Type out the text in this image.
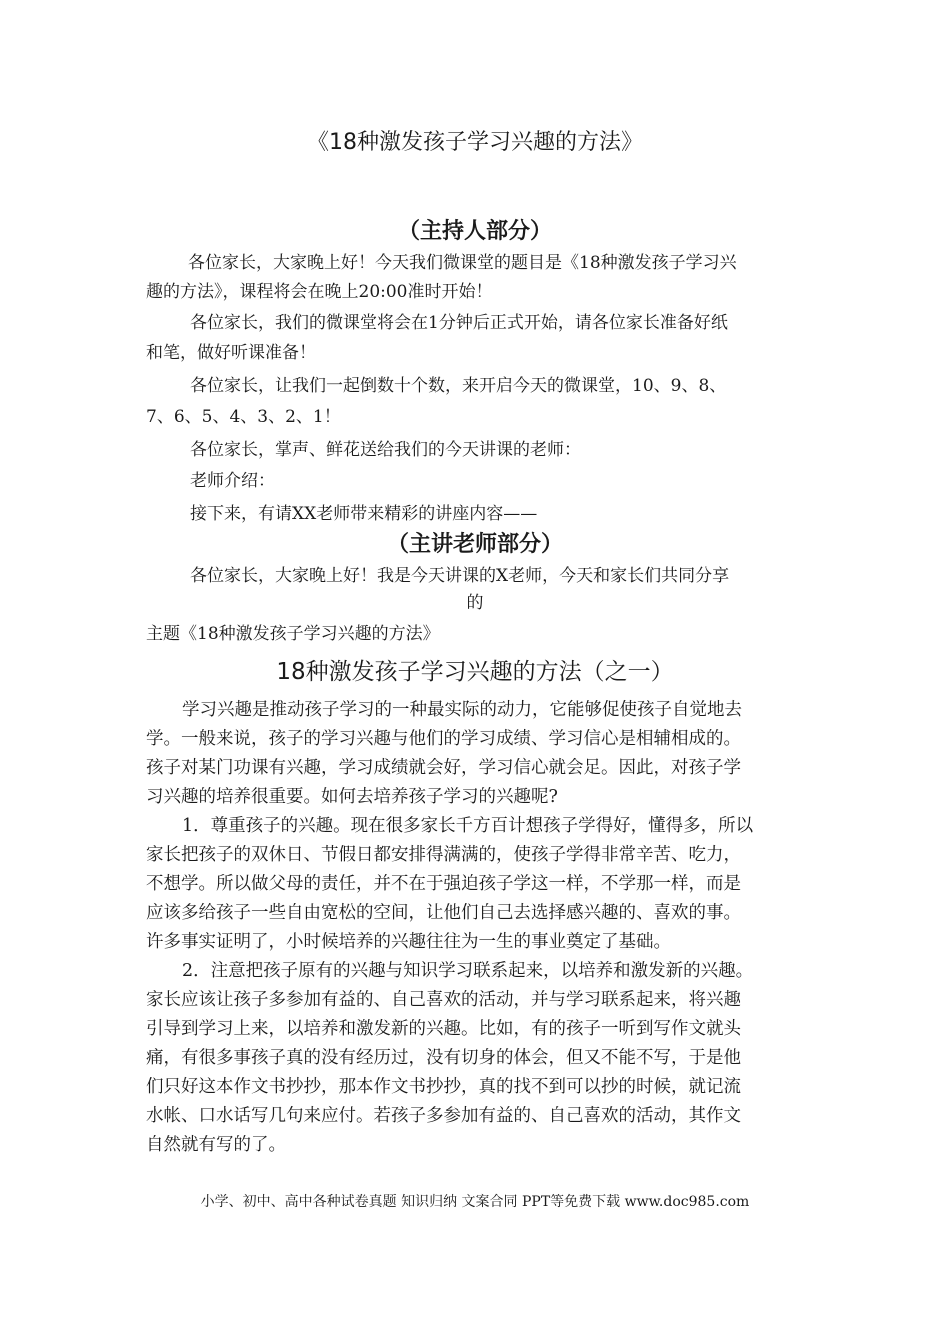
《18种激发孩子学习兴趣的方法》
（主持人部分）
各位家长，大家晚上好！今天我们微课堂的题目是《18种激发孩子学习兴
趣的方法》，课程将会在晚上20:00准时开始！
各位家长，我们的微课堂将会在1分钟后正式开始，请各位家长准备好纸
和笔，做好听课准备！
各位家长，让我们一起倒数十个数，来开启今天的微课堂，10、9、8、
7、6、5、4、3、2、1！
各位家长，掌声、鲜花送给我们的今天讲课的老师：
老师介绍：
接下来，有请XX老师带来精彩的讲座内容——
（主讲老师部分）
各位家长，大家晚上好！我是今天讲课的X老师，今天和家长们共同分享
的
主题《18种激发孩子学习兴趣的方法》
18种激发孩子学习兴趣的方法（之一）
学习兴趣是推动孩子学习的一种最实际的动力，它能够促使孩子自觉地去
学。一般来说，孩子的学习兴趣与他们的学习成绩、学习信心是相辅相成的。
孩子对某门功课有兴趣，学习成绩就会好，学习信心就会足。因此，对孩子学
习兴趣的培养很重要。如何去培养孩子学习的兴趣呢?
1．尊重孩子的兴趣。现在很多家长千方百计想孩子学得好，懂得多，所以
家长把孩子的双休日、节假日都安排得满满的，使孩子学得非常辛苦、吃力，
不想学。所以做父母的责任，并不在于强迫孩子学这一样，不学那一样，而是
应该多给孩子一些自由宽松的空间，让他们自己去选择感兴趣的、喜欢的事。
许多事实证明了，小时候培养的兴趣往往为一生的事业奠定了基础。
2．注意把孩子原有的兴趣与知识学习联系起来，以培养和激发新的兴趣。
家长应该让孩子多参加有益的、自己喜欢的活动，并与学习联系起来，将兴趣
引导到学习上来，以培养和激发新的兴趣。比如，有的孩子一听到写作文就头
痛，有很多事孩子真的没有经历过，没有切身的体会，但又不能不写，于是他
们只好这本作文书抄抄，那本作文书抄抄，真的找不到可以抄的时候，就记流
水帐、口水话写几句来应付。若孩子多参加有益的、自己喜欢的活动，其作文
自然就有写的了。
小学、初中、高中各种试卷真题 知识归纳 文案合同 PPT等免费下载 www.doc985.com
